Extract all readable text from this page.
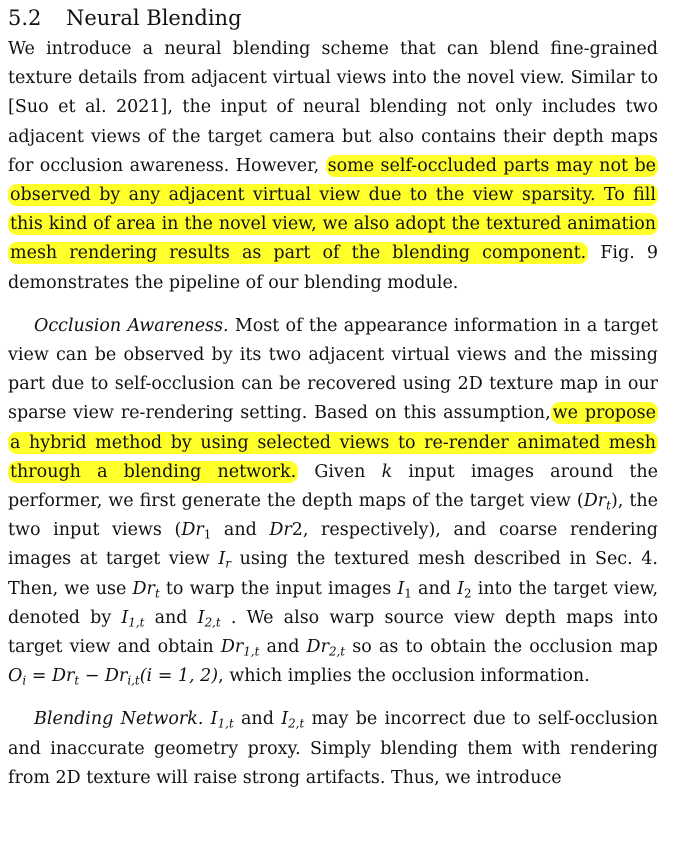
5.2 Neural Blending

We introduce a neural blending scheme that can blend fine-grained texture details from adjacent virtual views into the novel view. Similar to [Suo et al. 2021], the input of neural blending not only includes two adjacent views of the target camera but also contains their depth maps for occlusion awareness. However, some self-occluded parts may not be observed by any adjacent virtual view due to the view sparsity. To fill this kind of area in the novel view, we also adopt the textured animation mesh rendering results as part of the blending component. Fig. 9 demonstrates the pipeline of our blending module.

Occlusion Awareness. Most of the appearance information in a target view can be observed by its two adjacent virtual views and the missing part due to self-occlusion can be recovered using 2D texture map in our sparse view re-rendering setting. Based on this assumption, we propose a hybrid method by using selected views to re-render animated mesh through a blending network. Given k input images around the performer, we first generate the depth maps of the target view $(Dr_t)$, the two input views ($Dr_1$ and Dr2, respectively), and coarse rendering images at target view $I_r$ using the textured mesh described in Sec. 4. Then, we use $Dr_t$ to warp the input images $I_1$ and $I_2$ into the target view, denoted by $I_{1,t}$ and $I_{2,t}$ . We also warp source view depth maps into target view and obtain $Dr_{1,t}$ and $Dr_{2,t}$ so as to obtain the occlusion map $O_i = Dr_t - Dr_{i,t}(i = 1$, 2), which implies the occlusion information.

Blending Network. $I_{1,t}$ and $I_{2,t}$ may be incorrect due to self-occlusion and inaccurate geometry proxy. Simply blending them with rendering from 2D texture will raise strong artifacts. Thus, we introduce
